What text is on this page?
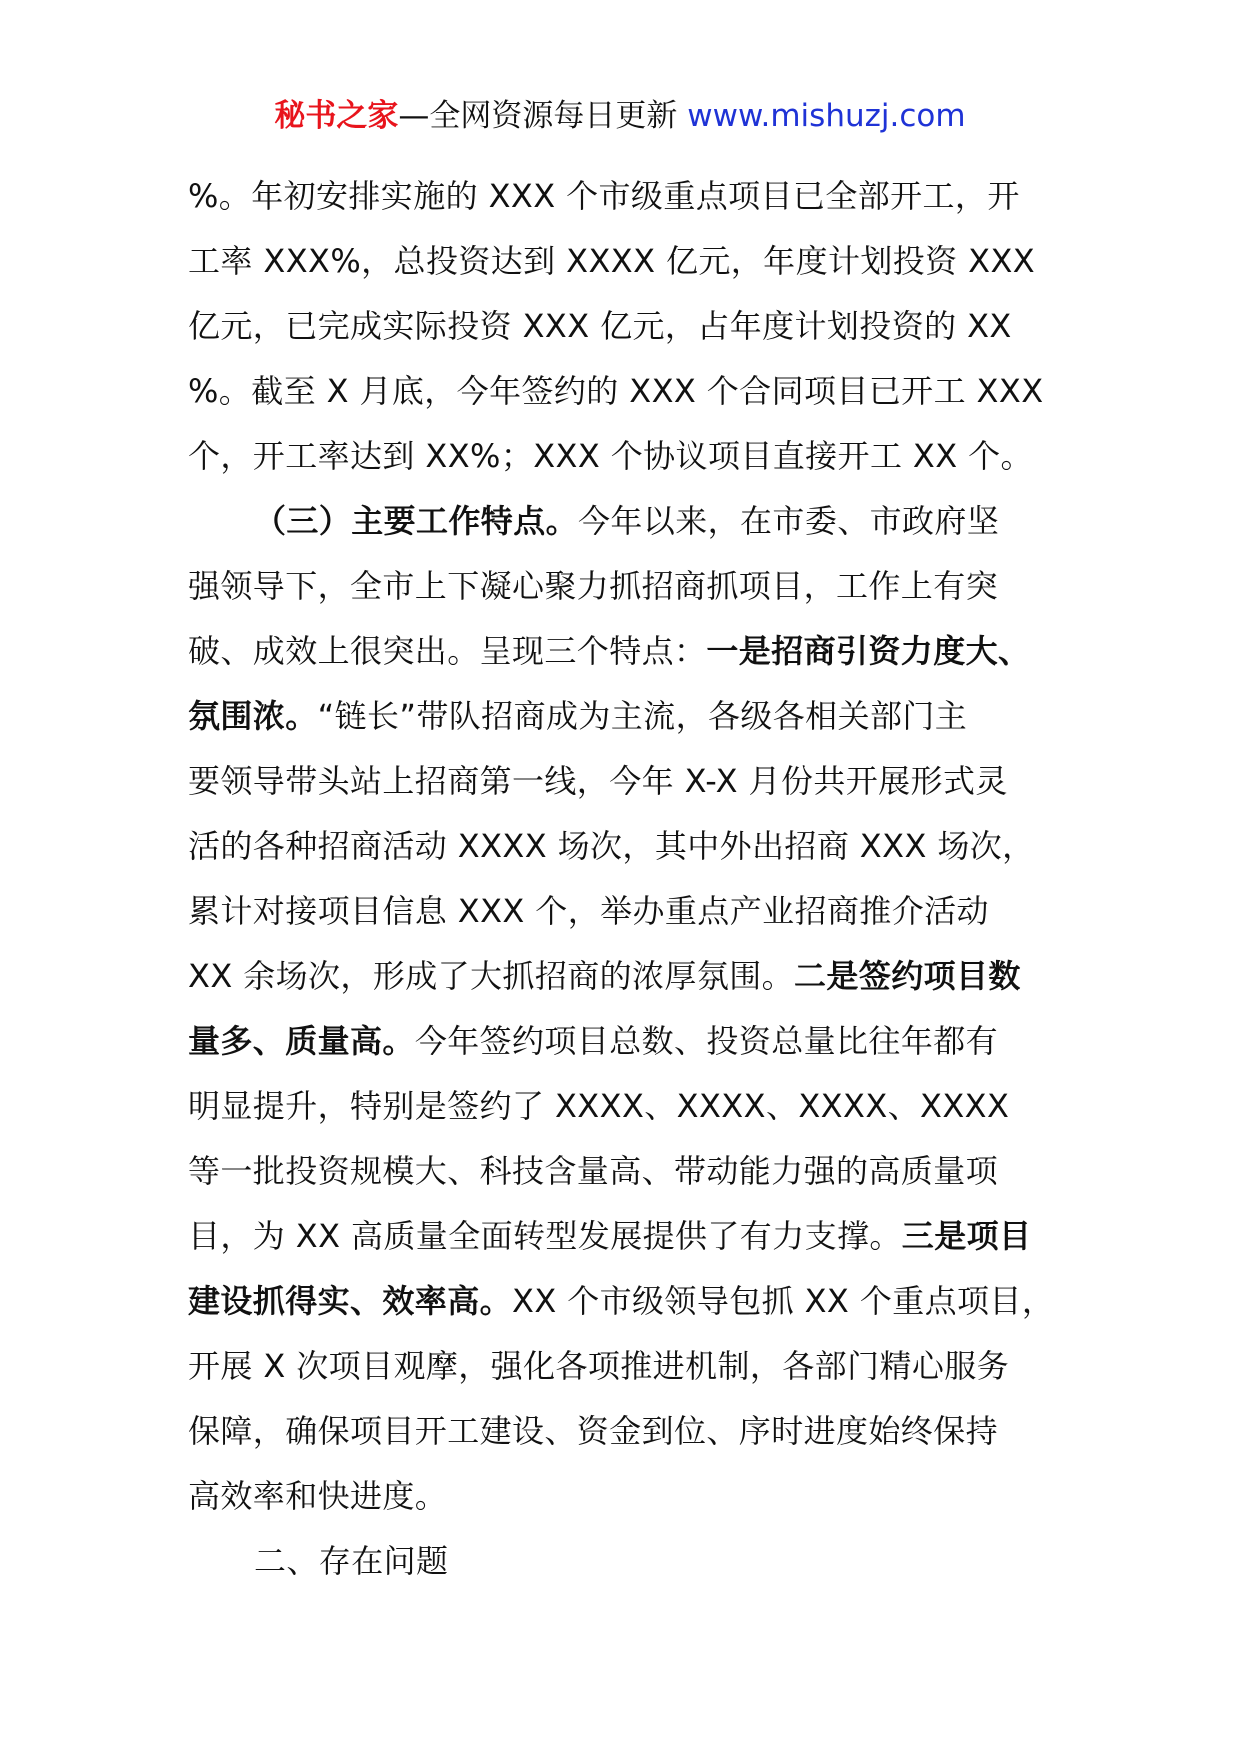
秘书之家—全网资源每日更新 www.mishuzj.com
%。年初安排实施的 XXX 个市级重点项目已全部开工，开
工率 XXX%，总投资达到 XXXX 亿元，年度计划投资 XXX
亿元，已完成实际投资 XXX 亿元，占年度计划投资的 XX
%。截至 X 月底，今年签约的 XXX 个合同项目已开工 XXX
个，开工率达到 XX%；XXX 个协议项目直接开工 XX 个。
（三）主要工作特点。今年以来，在市委、市政府坚
强领导下，全市上下凝心聚力抓招商抓项目，工作上有突
破、成效上很突出。呈现三个特点：一是招商引资力度大、
氛围浓。“链长”带队招商成为主流，各级各相关部门主
要领导带头站上招商第一线，今年 X-X 月份共开展形式灵
活的各种招商活动 XXXX 场次，其中外出招商 XXX 场次，
累计对接项目信息 XXX 个，举办重点产业招商推介活动
XX 余场次，形成了大抓招商的浓厚氛围。二是签约项目数
量多、质量高。今年签约项目总数、投资总量比往年都有
明显提升，特别是签约了 XXXX、XXXX、XXXX、XXXX
等一批投资规模大、科技含量高、带动能力强的高质量项
目，为 XX 高质量全面转型发展提供了有力支撑。三是项目
建设抓得实、效率高。XX 个市级领导包抓 XX 个重点项目，
开展 X 次项目观摩，强化各项推进机制，各部门精心服务
保障，确保项目开工建设、资金到位、序时进度始终保持
高效率和快进度。
二、存在问题
